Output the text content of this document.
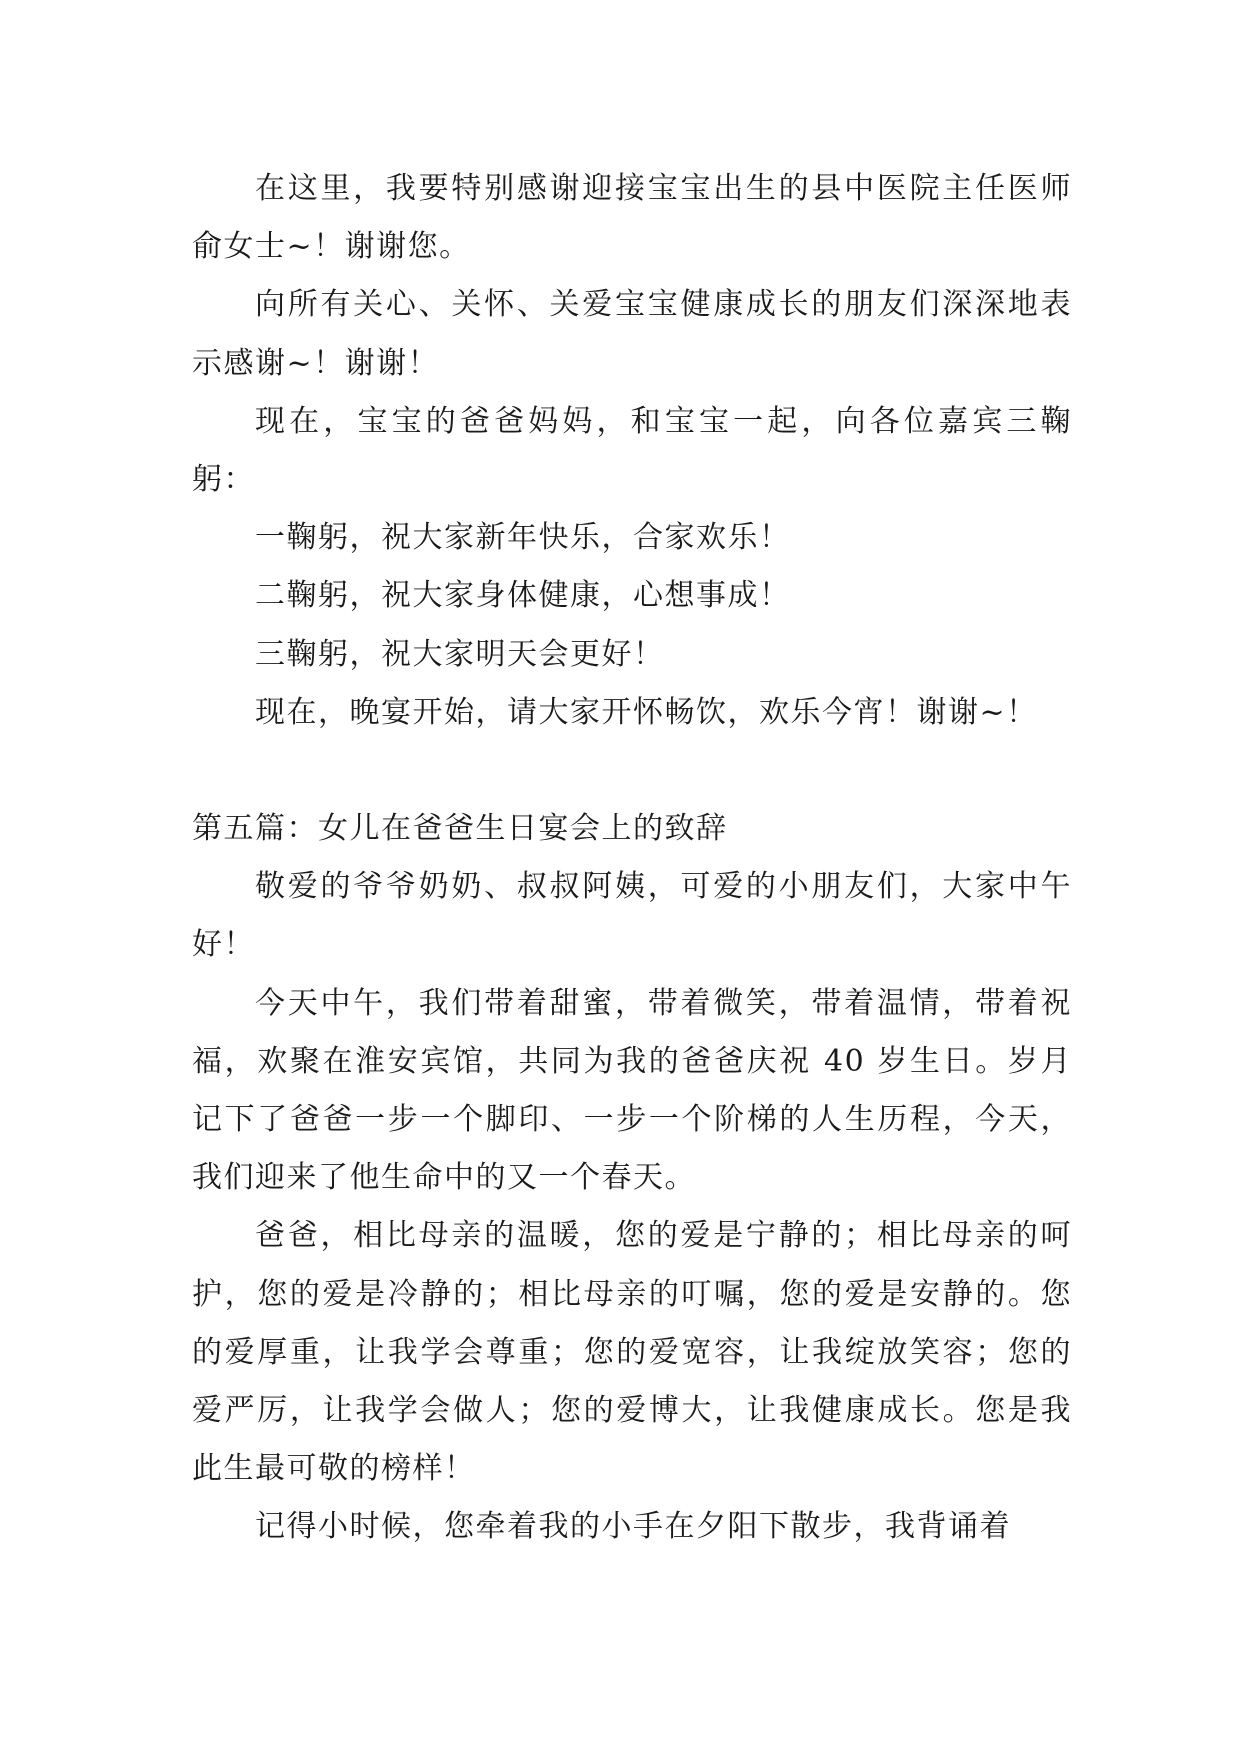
在这里，我要特别感谢迎接宝宝出生的县中医院主任医师俞女士~！谢谢您。

向所有关心、关怀、关爱宝宝健康成长的朋友们深深地表示感谢~！谢谢！

现在，宝宝的爸爸妈妈，和宝宝一起，向各位嘉宾三鞠躬：

一鞠躬，祝大家新年快乐，合家欢乐！

二鞠躬，祝大家身体健康，心想事成！

三鞠躬，祝大家明天会更好！

现在，晚宴开始，请大家开怀畅饮，欢乐今宵！谢谢~！

第五篇：女儿在爸爸生日宴会上的致辞

敬爱的爷爷奶奶、叔叔阿姨，可爱的小朋友们，大家中午好！

今天中午，我们带着甜蜜，带着微笑，带着温情，带着祝福，欢聚在淮安宾馆，共同为我的爸爸庆祝 40 岁生日。岁月记下了爸爸一步一个脚印、一步一个阶梯的人生历程，今天，我们迎来了他生命中的又一个春天。

爸爸，相比母亲的温暖，您的爱是宁静的；相比母亲的呵护，您的爱是冷静的；相比母亲的叮嘱，您的爱是安静的。您的爱厚重，让我学会尊重；您的爱宽容，让我绽放笑容；您的爱严厉，让我学会做人；您的爱博大，让我健康成长。您是我此生最可敬的榜样！

记得小时候，您牵着我的小手在夕阳下散步，我背诵着
